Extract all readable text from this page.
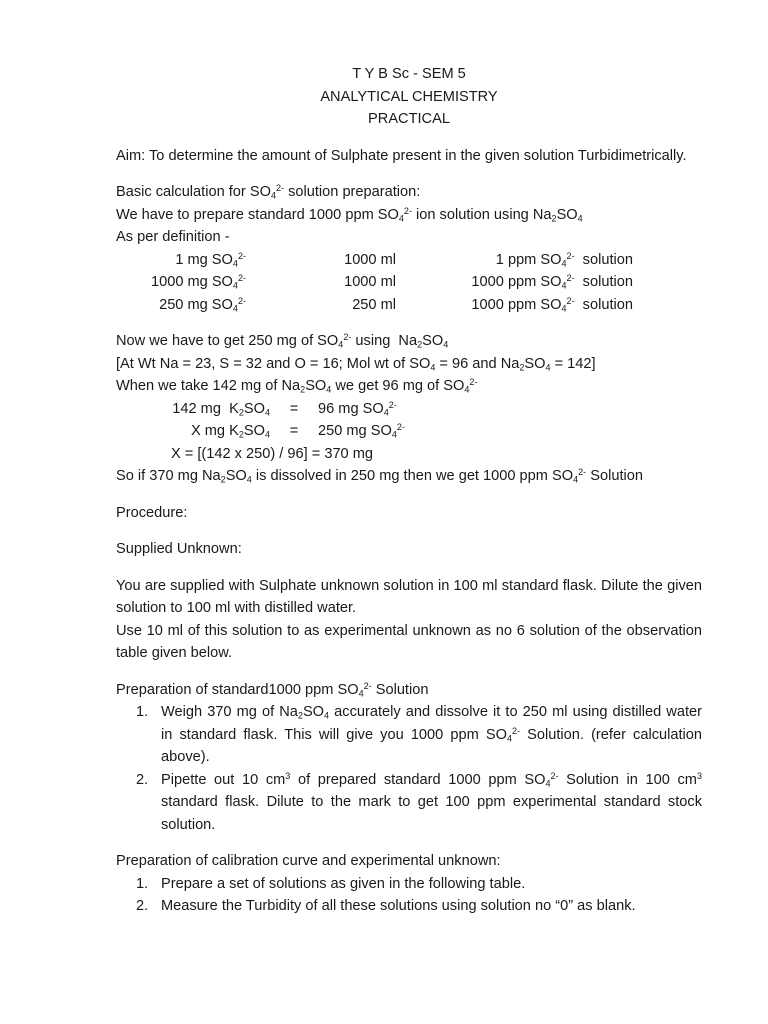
T Y B Sc - SEM 5
ANALYTICAL CHEMISTRY
PRACTICAL
Aim: To determine the amount of Sulphate present in the given solution Turbidimetrically.
Basic calculation for $SO_4^{2-}$ solution preparation:
We have to prepare standard 1000 ppm $SO_4^{2-}$ ion solution using $Na_2SO_4$
As per definition -
1 mg $SO_4^{2-}$	1000 ml	1 ppm $SO_4^{2-}$  solution
1000 mg $SO_4^{2-}$	1000 ml	1000 ppm $SO_4^{2-}$  solution
250 mg $SO_4^{2-}$	250 ml	1000 ppm $SO_4^{2-}$  solution
Now we have to get 250 mg of $SO_4^{2-}$ using  $Na_2SO_4$
[At Wt Na = 23, S = 32 and O = 16; Mol wt of $SO_4 = 96$ and $Na_2SO_4 = 142$]
When we take 142 mg of $Na_2SO_4$ we get 96 mg of $SO_4^{2-}$
142 mg  $K_2SO_4$	=	96 mg $SO_4^{2-}$
X mg $K_2SO_4$	=	250 mg $SO_4^{2-}$
X = [(142 x 250) / 96] = 370 mg
So if 370 mg $Na_2SO_4$ is dissolved in 250 mg then we get 1000 ppm $SO_4^{2-}$ Solution
Procedure:
Supplied Unknown:
You are supplied with Sulphate unknown solution in 100 ml standard flask. Dilute the given solution to 100 ml with distilled water.
Use 10 ml of this solution to as experimental unknown as no 6 solution of the observation table given below.
Preparation of standard1000 ppm $SO_4^{2-}$ Solution
1. Weigh 370 mg of $Na_2SO_4$ accurately and dissolve it to 250 ml using distilled water in standard flask. This will give you 1000 ppm $SO_4^{2-}$ Solution. (refer calculation above).
2. Pipette out 10 $cm^3$ of prepared standard 1000 ppm $SO_4^{2-}$ Solution in 100 $cm^3$ standard flask. Dilute to the mark to get 100 ppm experimental standard stock solution.
Preparation of calibration curve and experimental unknown:
1. Prepare a set of solutions as given in the following table.
2. Measure the Turbidity of all these solutions using solution no “0” as blank.
